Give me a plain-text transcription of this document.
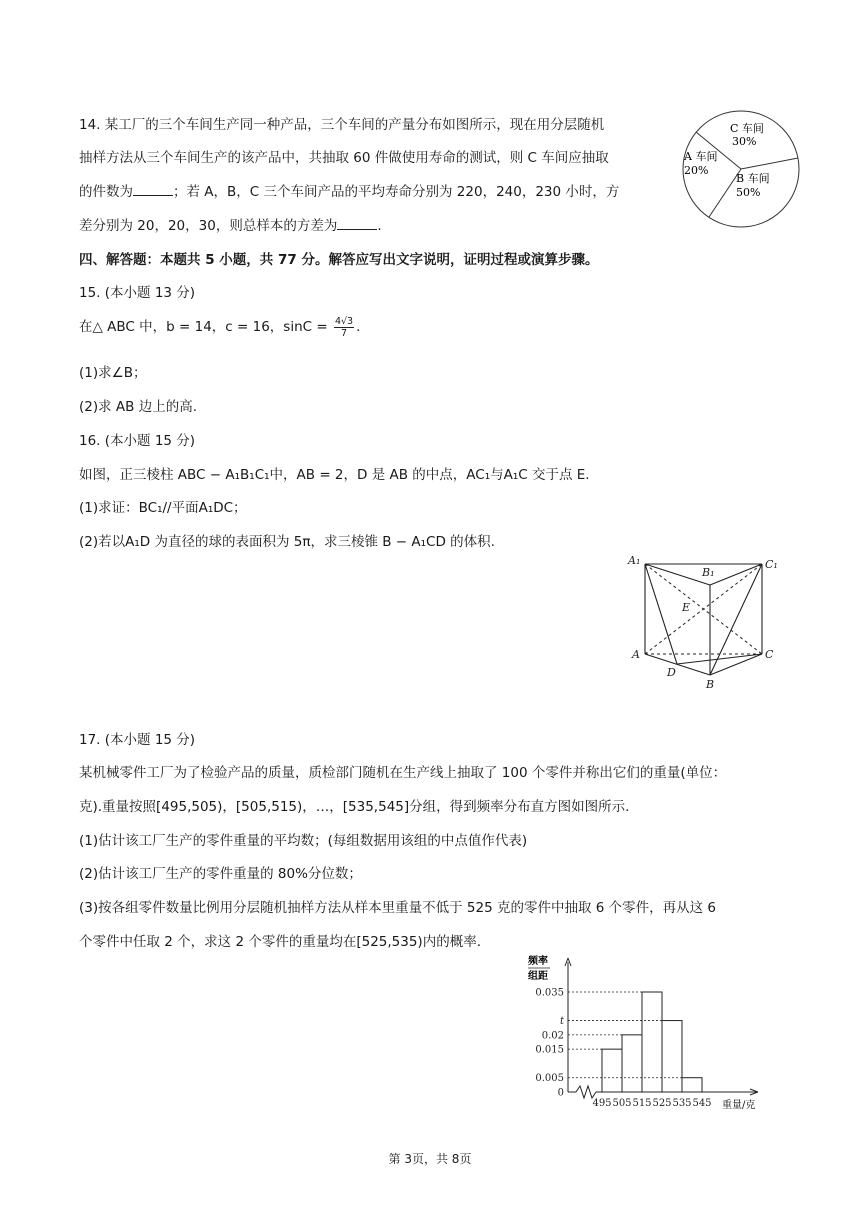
14. 某工厂的三个车间生产同一种产品，三个车间的产量分布如图所示，现在用分层随机
抽样方法从三个车间生产的该产品中，共抽取 60 件做使用寿命的测试，则 C 车间应抽取
的件数为	；若 A，B，C 三个车间产品的平均寿命分别为 220，240，230 小时，方
差分别为 20，20，30，则总样本的方差为	.
C 车间
30%
A 车间
20%
B 车间
50%
四、解答题：本题共 5 小题，共 77 分。解答应写出文字说明，证明过程或演算步骤。
15. (本小题 13 分)
在△ ABC 中，b = 14，c = 16，$\sin C = \frac{4√3}{7}$ .
(1)求∠B；
(2)求 AB 边上的高.
16. (本小题 15 分)
如图，正三棱柱 ABC − A₁B₁C₁中，AB = 2，D 是 AB 的中点，AC₁与A₁C 交于点 E.
(1)求证：BC₁//平面A₁DC；
(2)若以A₁D 为直径的球的表面积为 5π，求三棱锥 B − A₁CD 的体积.
A₁
B₁
C₁
E
A	C
D
B
17. (本小题 15 分)
某机械零件工厂为了检验产品的质量，质检部门随机在生产线上抽取了 100 个零件并称出它们的重量(单位：
克).重量按照[495,505)，[505,515)，…，[535,545]分组，得到频率分布直方图如图所示.
(1)估计该工厂生产的零件重量的平均数；(每组数据用该组的中点值作代表)
(2)估计该工厂生产的零件重量的 80%分位数；
(3)按各组零件数量比例用分层随机抽样方法从样本里重量不低于 525 克的零件中抽取 6 个零件，再从这 6
个零件中任取 2 个，求这 2 个零件的重量均在[525,535)内的概率.
0
0.005
0.015
0.02
t
0.035
495 505 515 525 535 545
频率
组距
重量/克
第 3页，共 8页
